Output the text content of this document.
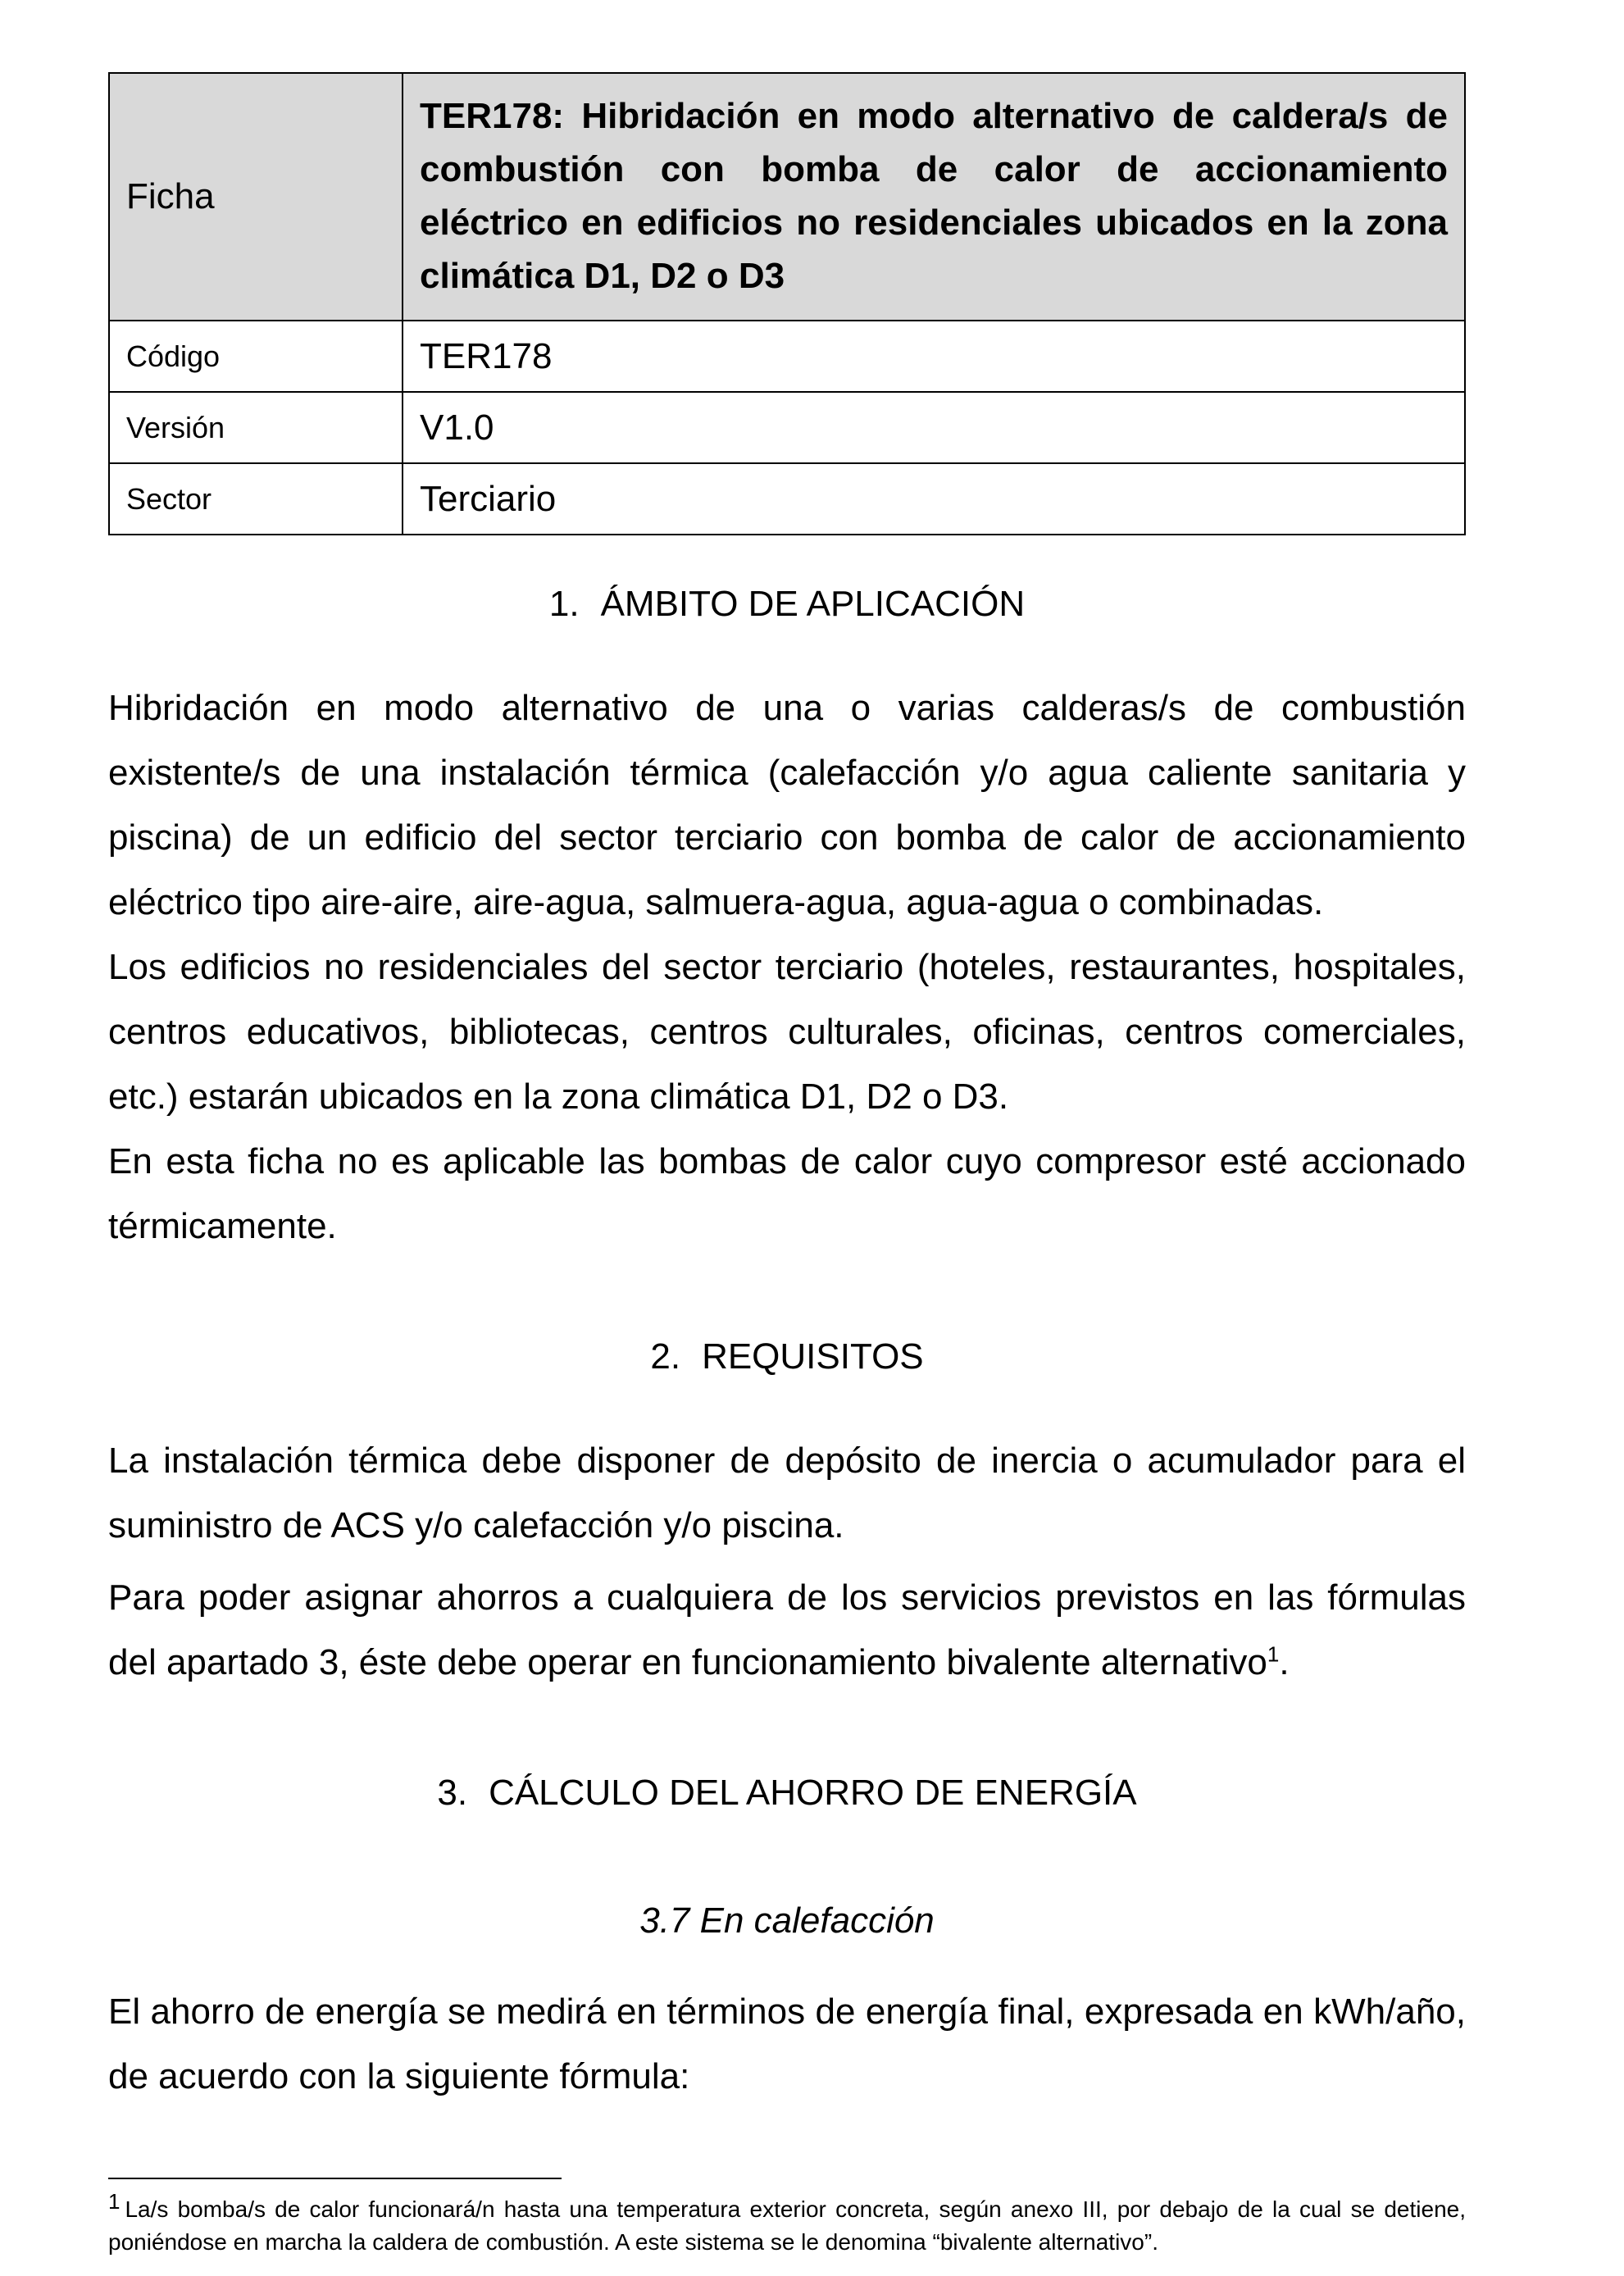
Ficha	TER178: Hibridación en modo alternativo de caldera/s de combustión con bomba de calor de accionamiento eléctrico en edificios no residenciales ubicados en la zona climática D1, D2 o D3
Código	TER178
Versión	V1.0
Sector	Terciario
1. ÁMBITO DE APLICACIÓN

Hibridación en modo alternativo de una o varias calderas/s de combustión existente/s de una instalación térmica (calefacción y/o agua caliente sanitaria y piscina) de un edificio del sector terciario con bomba de calor de accionamiento eléctrico tipo aire-aire, aire-agua, salmuera-agua, agua-agua o combinadas.

Los edificios no residenciales del sector terciario (hoteles, restaurantes, hospitales, centros educativos, bibliotecas, centros culturales, oficinas, centros comerciales, etc.) estarán ubicados en la zona climática D1, D2 o D3.

En esta ficha no es aplicable las bombas de calor cuyo compresor esté accionado térmicamente.

2. REQUISITOS

La instalación térmica debe disponer de depósito de inercia o acumulador para el suministro de ACS y/o calefacción y/o piscina.

Para poder asignar ahorros a cualquiera de los servicios previstos en las fórmulas del apartado 3, éste debe operar en funcionamiento bivalente alternativo$^1$.

3. CÁLCULO DEL AHORRO DE ENERGÍA
3.7 En calefacción

El ahorro de energía se medirá en términos de energía final, expresada en kWh/año, de acuerdo con la siguiente fórmula:

1 La/s bomba/s de calor funcionará/n hasta una temperatura exterior concreta, según anexo III, por debajo de la cual se detiene, poniéndose en marcha la caldera de combustión. A este sistema se le denomina “bivalente alternativo”.
